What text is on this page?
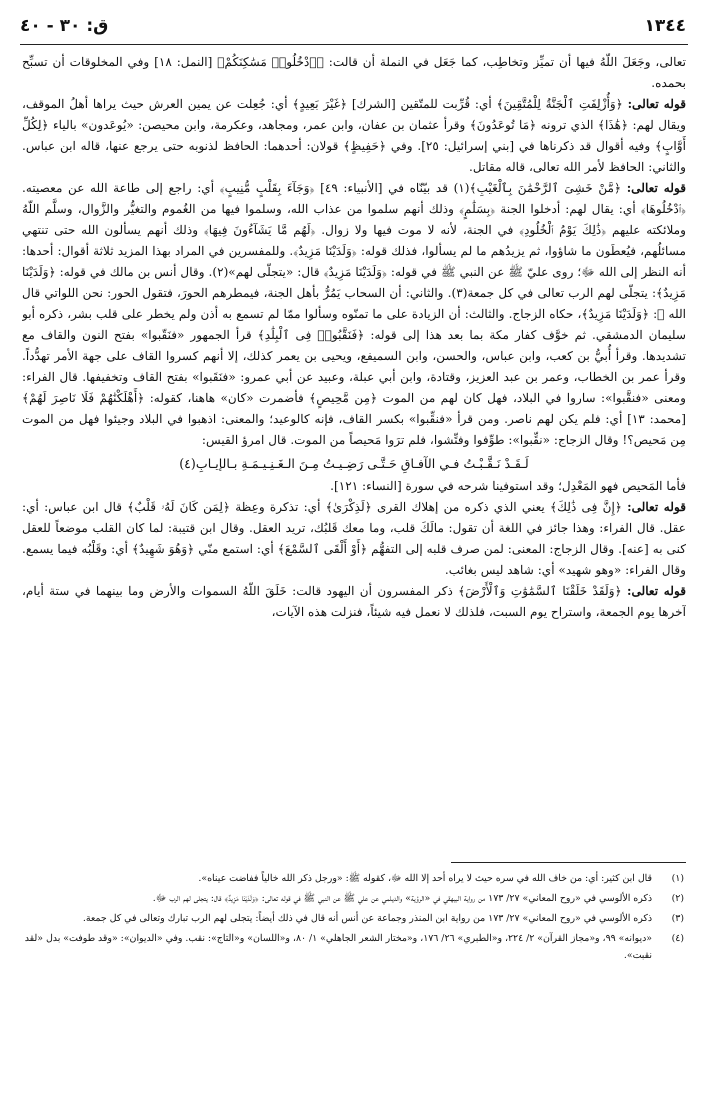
١٣٤٤
ق: ٣٠ - ٤٠

تعالى، وجَعَلَ اللّهُ فيها أن تميِّز وتخاطِب، كما جَعَل في النملة أن قالت: ﴿ٱدْخُلُوا۟ مَسَٰكِنَكُمْ﴾ [النمل: ١٨] وفي المخلوقات أن تسبِّح بحمده.

قوله تعالى: ﴿وَأُزْلِفَتِ ٱلْجَنَّةُ لِلْمُتَّقِينَ﴾ أي: قُرِّبت للمتّقين [الشرك] ﴿غَيْرَ بَعِيدٍ﴾ أي: جُعِلت عن يمين العرش حيث يراها أهلُ الموقف، ويقال لهم: ﴿هَٰذَا﴾ الذي ترونه ﴿مَا تُوعَدُونَ﴾ وقرأ عثمان بن عفان، وابن عمر، ومجاهد، وعكرمة، وابن محيصن: «يُوعَدون» بالياء ﴿لِكُلِّ أَوَّابٍ﴾ وفيه أقوال قد ذكرناها في [بني إسرائيل: ٢٥]. وفي ﴿حَفِيظٍ﴾ قولان: أحدهما: الحافظ لذنوبه حتى يرجع عنها، قاله ابن عباس. والثاني: الحافظ لأمر الله تعالى، قاله مقاتل.

قوله تعالى: ﴿مَّنْ خَشِىَ ٱلرَّحْمَٰنَ بِٱلْغَيْبِ﴾(١) قد بيّنّاه في [الأنبياء: ٤٩] ﴿وَجَآءَ بِقَلْبٍ مُّنِيبٍ﴾ أي: راجع إلى طاعة الله عن معصيته. ﴿ٱدْخُلُوهَا﴾ أي: يقال لهم: أدخلوا الجنة ﴿بِسَلَٰمٍ﴾ وذلك أنهم سلموا من عذاب الله، وسلموا فيها من الغُموم والتغيُّر والزَّوال، وسلَّم اللّهُ وملائكته عليهم ﴿ذَٰلِكَ يَوْمُ ٱلْخُلُودِ﴾ في الجنة، لأنه لا موت فيها ولا زوال. ﴿لَهُم مَّا يَشَآءُونَ فِيهَا﴾ وذلك أنهم يسألون الله حتى تنتهي مسائلُهم، فيُعطَون ما شاؤوا، ثم يزيدُهم ما لم يسألوا، فذلك قوله: ﴿وَلَدَيْنَا مَزِيدٌ﴾. وللمفسرين في المراد بهذا المزيد ثلاثة أقوال: أحدها: أنه النظر إلى الله ﷻ؛ روى عليّ ﷺ عن النبي ﷺ في قوله: ﴿وَلَدَيْنَا مَزِيدٌ﴾ قال: «يتجلّى لهم»(٢). وقال أنس بن مالك في قوله: ﴿وَلَدَيْنَا مَزِيدٌ﴾: يتجلّى لهم الرب تعالى في كل جمعة(٣). والثاني: أن السحاب يَمُرُّ بأهل الجنة، فيمطرهم الحورَ، فتقول الحور: نحن اللواتي قال الله ﷻ: ﴿وَلَدَيْنَا مَزِيدٌ﴾، حكاه الزجاج. والثالث: أن الزيادة على ما تمنّوه وسألوا ممّا لم تسمع به أذن ولم يخطر على قلب بشر، ذكره أبو سليمان الدمشقي. ثم خوَّف كفار مكة بما بعد هذا إلى قوله: ﴿فَنَقَّبُوا۟ فِى ٱلْبِلَٰدِ﴾ قرأ الجمهور «فنَقّبوا» بفتح النون والقاف مع تشديدها. وقرأ أُبيُّ بن كعب، وابن عباس، والحسن، وابن السميفع، ويحيى بن يعمر كذلك، إلا أنهم كسروا القاف على جهة الأمر تهدُّداً. وقرأ عمر بن الخطاب، وعمر بن عبد العزيز، وقتادة، وابن أبي عبلة، وعبيد عن أبي عمرو: «فنَقَبوا» بفتح القاف وتخفيفها. قال الفراء: ومعنى «فنقَّبوا»: ساروا في البلاد، فهل كان لهم من الموت ﴿مِن مَّحِيصٍ﴾ فأضمرت «كان» هاهنا، كقوله: ﴿أَهْلَكْنَٰهُمْ فَلَا نَاصِرَ لَهُمْ﴾ [محمد: ١٣] أي: فلم يكن لهم ناصر. ومن قرأ «فنقِّبوا» بكسر القاف، فإنه كالوعيد؛ والمعنى: اذهبوا في البلاد وجيئوا فهل من الموت مِن مَحيص؟! وقال الزجاج: «نقِّبوا»: طوِّفوا وفتِّشوا، فلم ترَوا مَحيصاً من الموت. قال امرؤ القيس:

لَـقَـدْ نَـقَّـبْـتُ فـي الآفـاقِ حَـتَّـى رَضِـيـتُ مِـنَ الـغَـنِـيـمَـةِ بـالإيـابِ(٤)

فأما المَحيص فهو المَعْدِل؛ وقد استوفينا شرحه في سورة [النساء: ١٢١].

قوله تعالى: ﴿إِنَّ فِى ذَٰلِكَ﴾ يعني الذي ذكره من إهلاك القرى ﴿لَذِكْرَىٰ﴾ أي: تذكرة وعِظة ﴿لِمَن كَانَ لَهُۥ قَلْبٌ﴾ قال ابن عباس: أي: عقل. قال الفراء: وهذا جائز في اللغة أن تقول: مالَكَ قلب، وما معك قَلبُك، تريد العقل. وقال ابن قتيبة: لما كان القلب موضعاً للعقل كنى به [عنه]. وقال الزجاج: المعنى: لمن صرف قلبه إلى التفهُّم ﴿أَوْ أَلْقَى ٱلسَّمْعَ﴾ أي: استمع منّي ﴿وَهُوَ شَهِيدٌ﴾ أي: وقَلْبُه فيما يسمع. وقال الفراء: «وهو شهيد» أي: شاهد ليس بغائب.

قوله تعالى: ﴿وَلَقَدْ خَلَقْنَا ٱلسَّمَٰوَٰتِ وَٱلْأَرْضَ﴾ ذكر المفسرون أن اليهود قالت: خَلَقَ اللّهُ السموات والأرض وما بينهما في ستة أيام، آخرها يوم الجمعة، واستراح يوم السبت، فلذلك لا نعمل فيه شيئاً، فنزلت هذه الآيات،

(١)
قال ابن كثير: أي: من خاف الله في سره حيث لا يراه أحد إلا الله ﷻ، كقوله ﷺ: «ورجل ذكر الله خالياً ففاضت عيناه».

(٢)
ذكره الألوسي في «روح المعاني» ٢٧/ ١٧٣ من رواية البيهقي في «الرؤية» والديلمي عن علي ﷺ عن النبي ﷺ في قوله تعالى: ﴿وَلَدَيْنَا مَزِيدٌ﴾ قال: يتجلى لهم الرب ﷻ.

(٣)
ذكره الألوسي في «روح المعاني» ٢٧/ ١٧٣ من رواية ابن المنذر وجماعة عن أنس أنه قال في ذلك أيضاً: يتجلى لهم الرب تبارك وتعالى في كل جمعة.

(٤)
«ديوانه» ٩٩، و«مجاز القرآن» ٢/ ٢٢٤، و«الطبري» ٢٦/ ١٧٦، و«مختار الشعر الجاهلي» ١/ ٨٠، و«اللسان» و«التاج»: نقب. وفي «الديوان»: «وقد طوفت» بدل «لقد نقبت».
